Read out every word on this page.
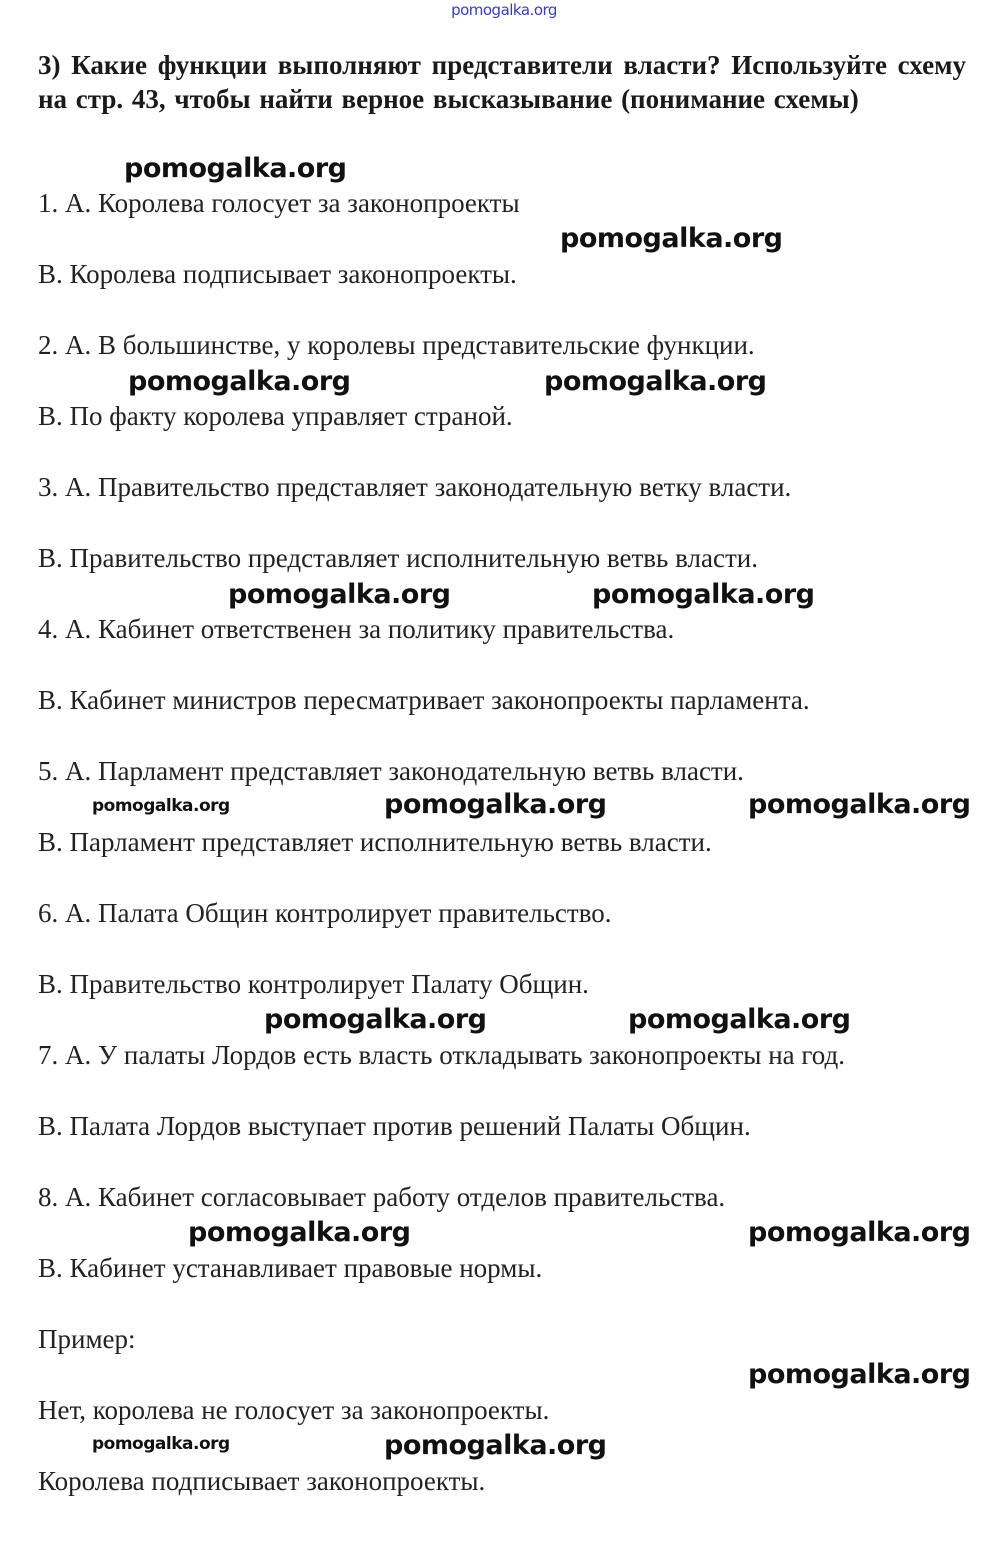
pomogalka.org
3) Какие функции выполняют представители власти? Используйте схему на стр. 43, чтобы найти верное высказывание (понимание схемы)
1. А. Королева голосует за законопроекты
В. Королева подписывает законопроекты.
2. А. В большинстве, у королевы представительские функции.
В. По факту королева управляет страной.
3. А. Правительство представляет законодательную ветку власти.
В. Правительство представляет исполнительную ветвь власти.
4. А. Кабинет ответственен за политику правительства.
В. Кабинет министров пересматривает законопроекты парламента.
5. А. Парламент представляет законодательную ветвь власти.
В. Парламент представляет исполнительную ветвь власти.
6. А. Палата Общин контролирует правительство.
В. Правительство контролирует Палату Общин.
7. А. У палаты Лордов есть власть откладывать законопроекты на год.
В. Палата Лордов выступает против решений Палаты Общин.
8. А. Кабинет согласовывает работу отделов правительства.
В. Кабинет устанавливает правовые нормы.
Пример:
Нет, королева не голосует за законопроекты.
Королева подписывает законопроекты.
pomogalka.org
pomogalka.org
pomogalka.org	pomogalka.org
pomogalka.org
pomogalka.org
pomogalka.org	pomogalka.org
pomogalka.org
pomogalka.org	pomogalka.org
pomogalka.org	pomogalka.org
pomogalka.org
pomogalka.org	pomogalka.org
